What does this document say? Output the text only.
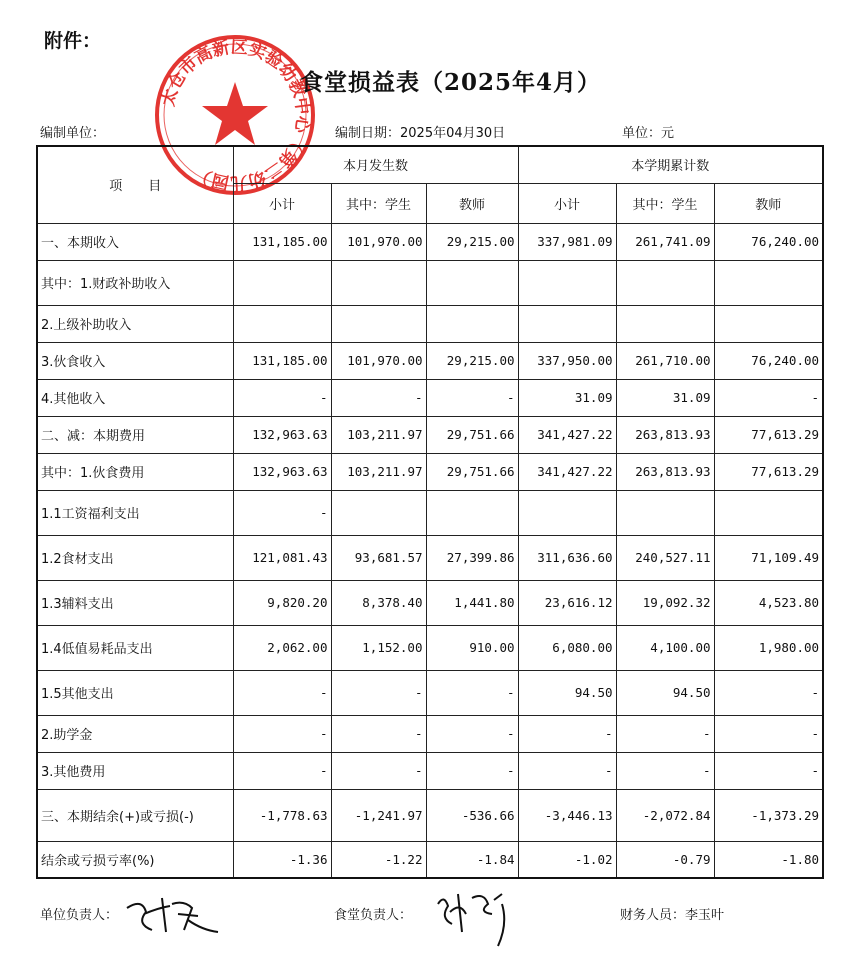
附件：
太仓市高新区实验幼教中心（第二幼儿园）
食堂损益表（2025年4月）
编制单位：	编制日期：2025年04月30日	单位：元
项　　目	本月发生数			本学期累计数		
	小计	其中：学生	教师	小计	其中：学生	教师
一、本期收入	131,185.00	101,970.00	29,215.00	337,981.09	261,741.09	76,240.00
其中：1.财政补助收入						
2.上级补助收入						
3.伙食收入	131,185.00	101,970.00	29,215.00	337,950.00	261,710.00	76,240.00
4.其他收入	-	-	-	31.09	31.09	-
二、减：本期费用	132,963.63	103,211.97	29,751.66	341,427.22	263,813.93	77,613.29
其中：1.伙食费用	132,963.63	103,211.97	29,751.66	341,427.22	263,813.93	77,613.29
1.1工资福利支出	-					
1.2食材支出	121,081.43	93,681.57	27,399.86	311,636.60	240,527.11	71,109.49
1.3辅料支出	9,820.20	8,378.40	1,441.80	23,616.12	19,092.32	4,523.80
1.4低值易耗品支出	2,062.00	1,152.00	910.00	6,080.00	4,100.00	1,980.00
1.5其他支出	-	-	-	94.50	94.50	-
2.助学金	-	-	-	-	-	-
3.其他费用	-	-	-	-	-	-
三、本期结余(+)或亏损(-)	-1,778.63	-1,241.97	-536.66	-3,446.13	-2,072.84	-1,373.29
结余或亏损亏率(%)	-1.36	-1.22	-1.84	-1.02	-0.79	-1.80
单位负责人：	食堂负责人：	财务人员：李玉叶
